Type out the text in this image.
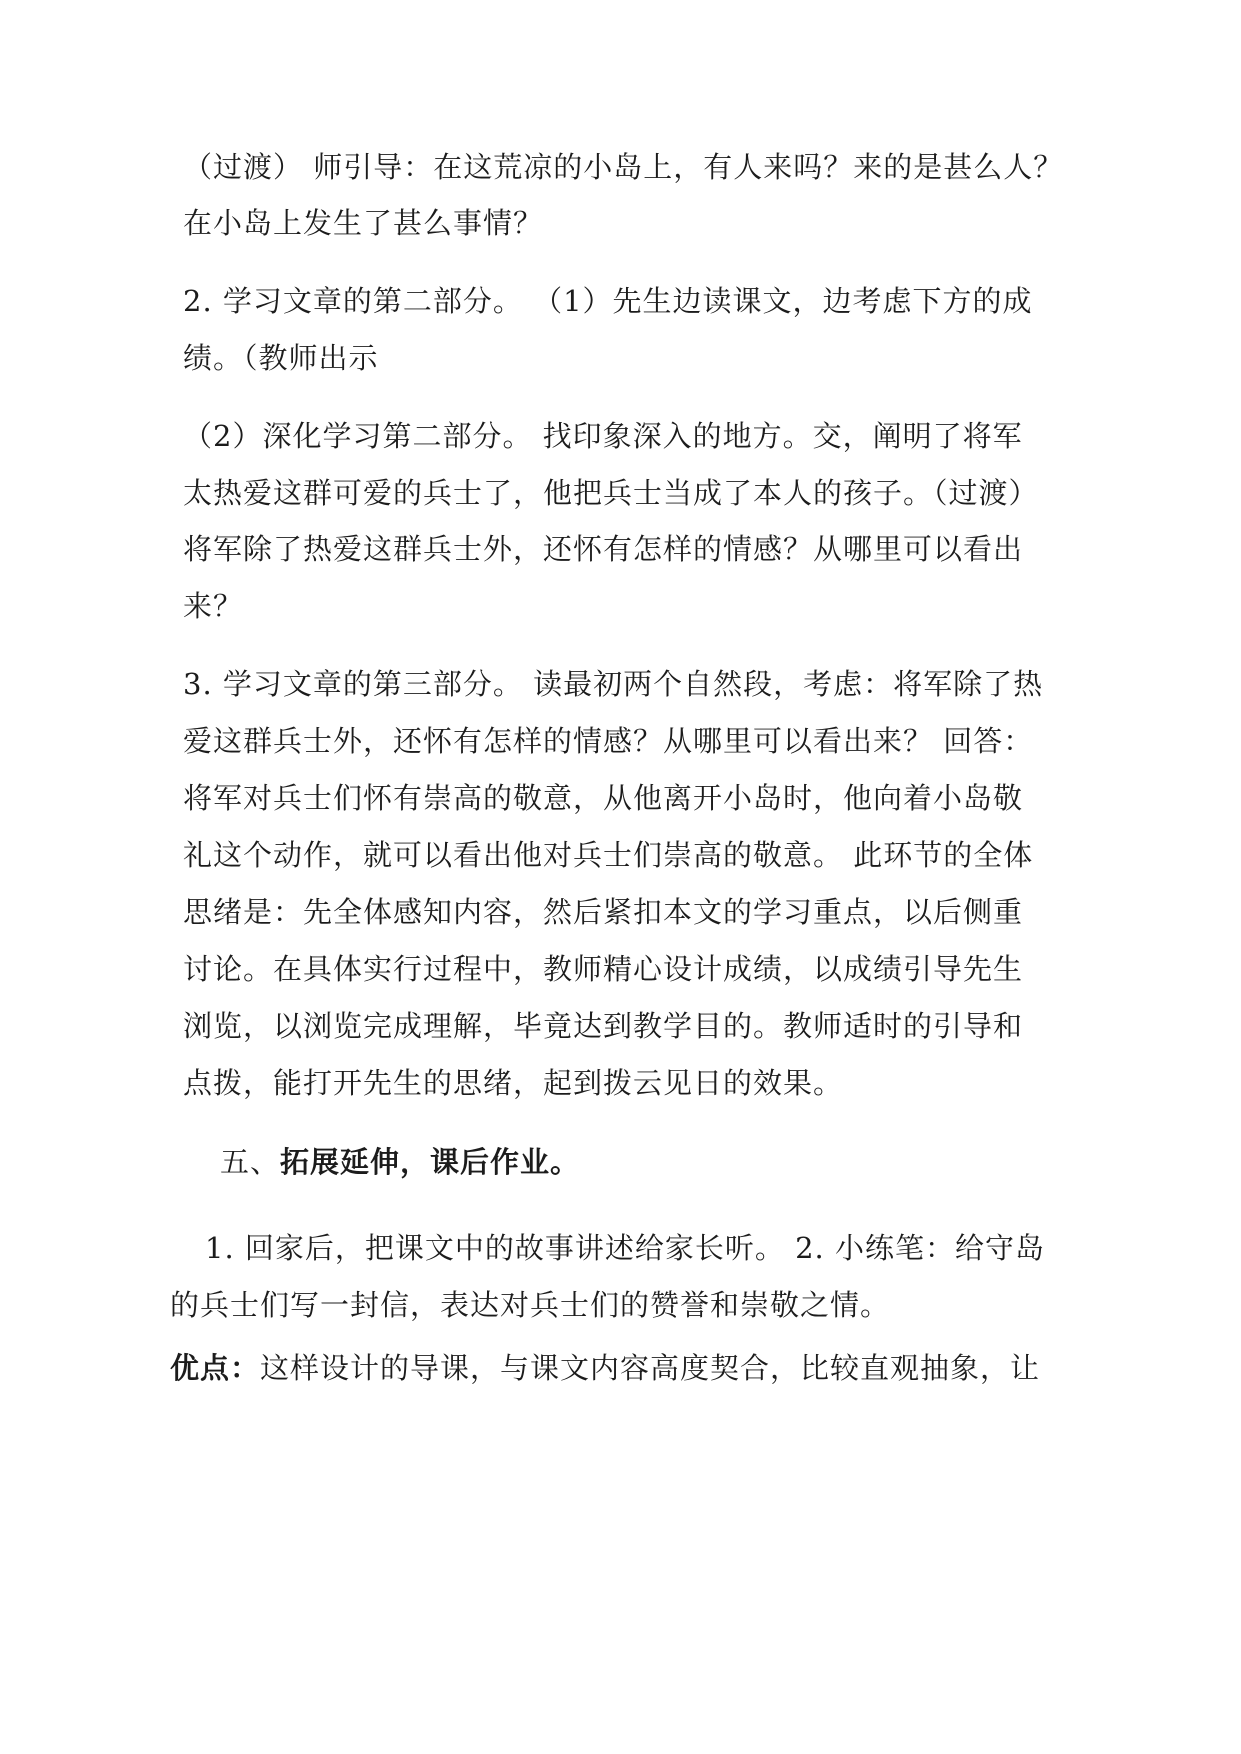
（过渡） 师引导：在这荒凉的小岛上，有人来吗？来的是甚么人？
在小岛上发生了甚么事情？
2. 学习文章的第二部分。 （1）先生边读课文，边考虑下方的成
绩。（教师出示
（2）深化学习第二部分。 找印象深入的地方。交，阐明了将军
太热爱这群可爱的兵士了，他把兵士当成了本人的孩子。（过渡）
将军除了热爱这群兵士外，还怀有怎样的情感？从哪里可以看出
来？
3. 学习文章的第三部分。 读最初两个自然段，考虑：将军除了热
爱这群兵士外，还怀有怎样的情感？从哪里可以看出来？ 回答：
将军对兵士们怀有崇高的敬意，从他离开小岛时，他向着小岛敬
礼这个动作，就可以看出他对兵士们崇高的敬意。 此环节的全体
思绪是：先全体感知内容，然后紧扣本文的学习重点，以后侧重
讨论。在具体实行过程中，教师精心设计成绩，以成绩引导先生
浏览，以浏览完成理解，毕竟达到教学目的。教师适时的引导和
点拨，能打开先生的思绪，起到拨云见日的效果。
五、拓展延伸，课后作业。
1. 回家后，把课文中的故事讲述给家长听。 2. 小练笔：给守岛
的兵士们写一封信，表达对兵士们的赞誉和崇敬之情。
优点：这样设计的导课，与课文内容高度契合，比较直观抽象，让
